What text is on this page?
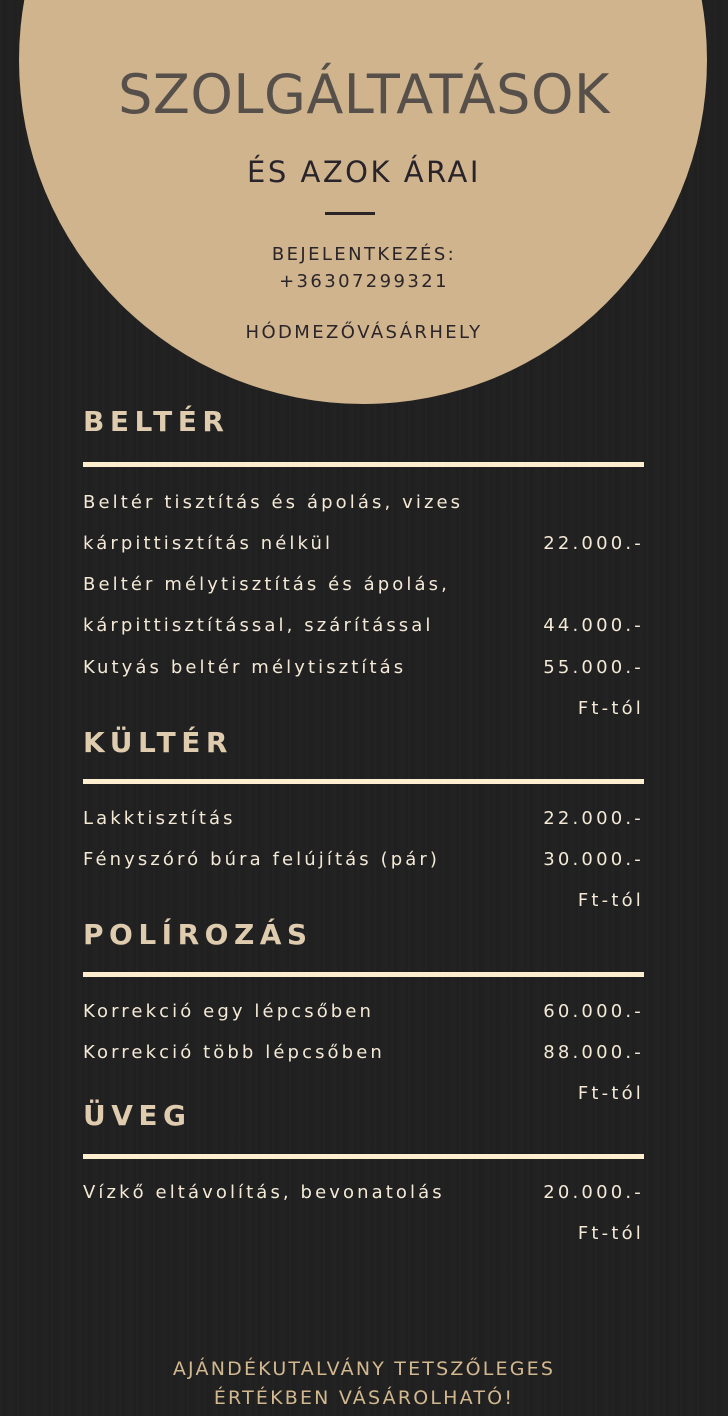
SZOLGÁLTATÁSOK
ÉS AZOK ÁRAI
BEJELENTKEZÉS:
+36307299321
HÓDMEZŐVÁSÁRHELY
BELTÉR
Beltér tisztítás és ápolás, vizes
kárpittisztítás nélkül	22.000.-
Beltér mélytisztítás és ápolás,
kárpittisztítással, szárítással	44.000.-
Kutyás beltér mélytisztítás	55.000.-
Ft-tól
KÜLTÉR
Lakktisztítás	22.000.-
Fényszóró búra felújítás (pár)	30.000.-
Ft-tól
POLÍROZÁS
Korrekció egy lépcsőben	60.000.-
Korrekció több lépcsőben	88.000.-
Ft-tól
ÜVEG
Vízkő eltávolítás, bevonatolás	20.000.-
Ft-tól
AJÁNDÉKUTALVÁNY TETSZŐLEGES
ÉRTÉKBEN VÁSÁROLHATÓ!
